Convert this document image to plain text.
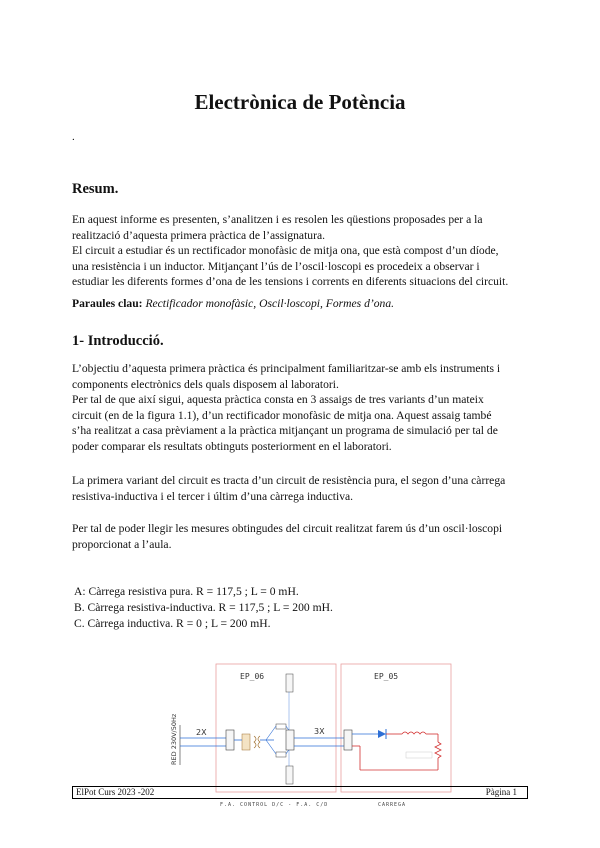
Electrònica de Potència
.
Resum.
En aquest informe es presenten, s’analitzen i es resolen les qüestions proposades per a la
realització d’aquesta primera pràctica de l’assignatura.
El circuit a estudiar és un rectificador monofàsic de mitja ona, que està compost d’un díode,
una resistència i un inductor. Mitjançant l’ús de l’oscil·loscopi es procedeix a observar i
estudiar les diferents formes d’ona de les tensions i corrents en diferents situacions del circuit.
Paraules clau: Rectificador monofàsic, Oscil·loscopi, Formes d’ona.
1- Introducció.
L’objectiu d’aquesta primera pràctica és principalment familiaritzar-se amb els instruments i
components electrònics dels quals disposem al laboratori.
Per tal de que així sigui, aquesta pràctica consta en 3 assaigs de tres variants d’un mateix
circuit (en de la figura 1.1), d’un rectificador monofàsic de mitja ona. Aquest assaig també
s’ha realitzat a casa prèviament a la pràctica mitjançant un programa de simulació per tal de
poder comparar els resultats obtinguts posteriorment en el laboratori.
La primera variant del circuit es tracta d’un circuit de resistència pura, el segon d’una càrrega
resistiva-inductiva i el tercer i últim d’una càrrega inductiva.
Per tal de poder llegir les mesures obtingudes del circuit realitzat farem ús d’un oscil·loscopi
proporcionat a l’aula.
A: Càrrega resistiva pura. R = 117,5 ; L = 0 mH.
B. Càrrega resistiva-inductiva. R = 117,5 ; L = 200 mH.
C. Càrrega inductiva. R = 0 ; L = 200 mH.
EP_06	EP_05
RED 230V/50Hz 2X	3X
ElPot Curs 2023 -202	Pàgina 1
F.A. CONTROL D/C - F.A. C/D	CARREGA
